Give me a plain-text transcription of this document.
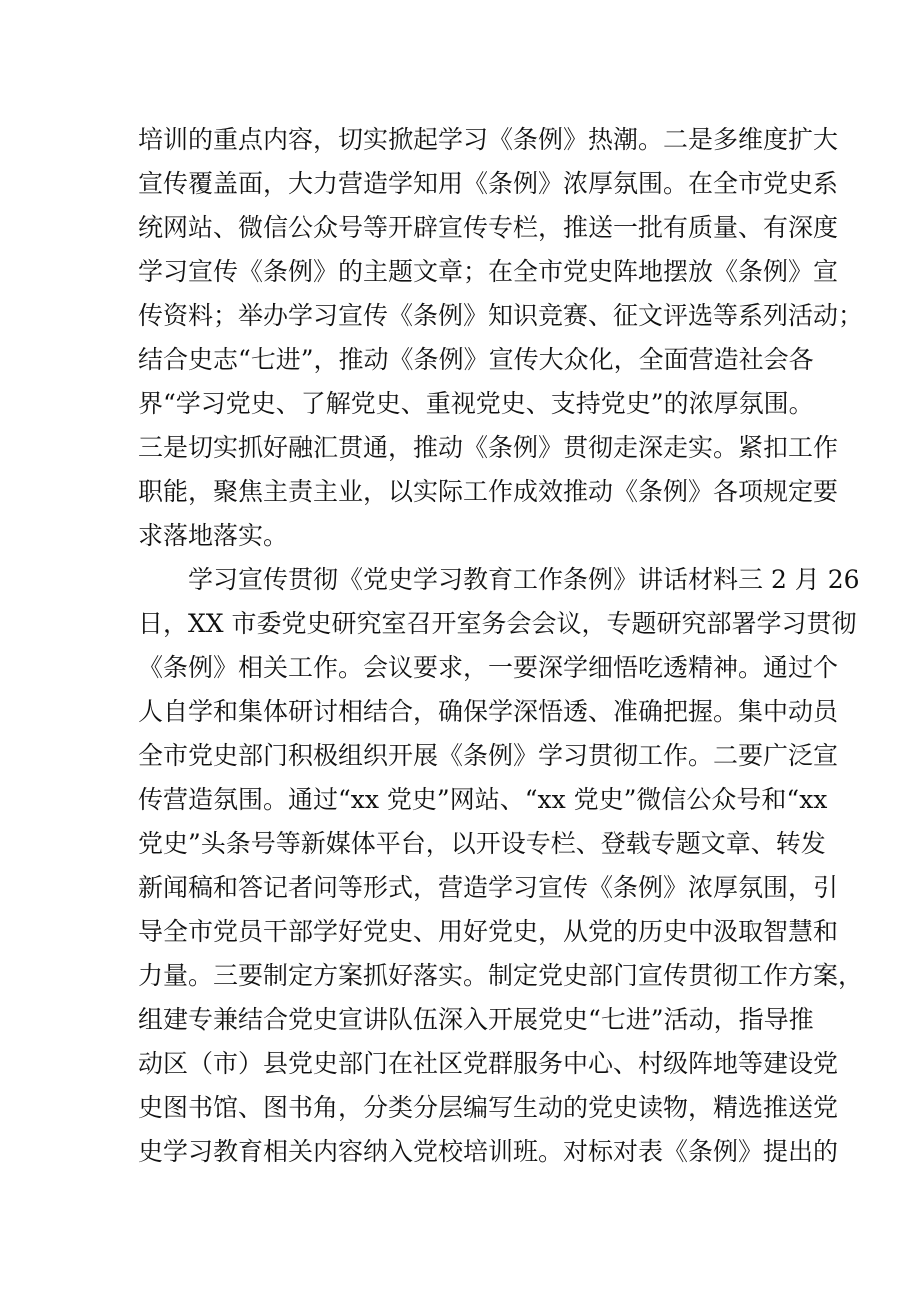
培训的重点内容，切实掀起学习《条例》热潮。二是多维度扩大
宣传覆盖面，大力营造学知用《条例》浓厚氛围。在全市党史系
统网站、微信公众号等开辟宣传专栏，推送一批有质量、有深度
学习宣传《条例》的主题文章；在全市党史阵地摆放《条例》宣
传资料；举办学习宣传《条例》知识竞赛、征文评选等系列活动；
结合史志“七进”，推动《条例》宣传大众化，全面营造社会各
界“学习党史、了解党史、重视党史、支持党史”的浓厚氛围。
三是切实抓好融汇贯通，推动《条例》贯彻走深走实。紧扣工作
职能，聚焦主责主业，以实际工作成效推动《条例》各项规定要
求落地落实。
学习宣传贯彻《党史学习教育工作条例》讲话材料三 2 月 26
日，XX 市委党史研究室召开室务会会议，专题研究部署学习贯彻
《条例》相关工作。会议要求，一要深学细悟吃透精神。通过个
人自学和集体研讨相结合，确保学深悟透、准确把握。集中动员
全市党史部门积极组织开展《条例》学习贯彻工作。二要广泛宣
传营造氛围。通过“xx 党史”网站、“xx 党史”微信公众号和“xx
党史”头条号等新媒体平台，以开设专栏、登载专题文章、转发
新闻稿和答记者问等形式，营造学习宣传《条例》浓厚氛围，引
导全市党员干部学好党史、用好党史，从党的历史中汲取智慧和
力量。三要制定方案抓好落实。制定党史部门宣传贯彻工作方案，
组建专兼结合党史宣讲队伍深入开展党史“七进”活动，指导推
动区（市）县党史部门在社区党群服务中心、村级阵地等建设党
史图书馆、图书角，分类分层编写生动的党史读物，精选推送党
史学习教育相关内容纳入党校培训班。对标对表《条例》提出的
